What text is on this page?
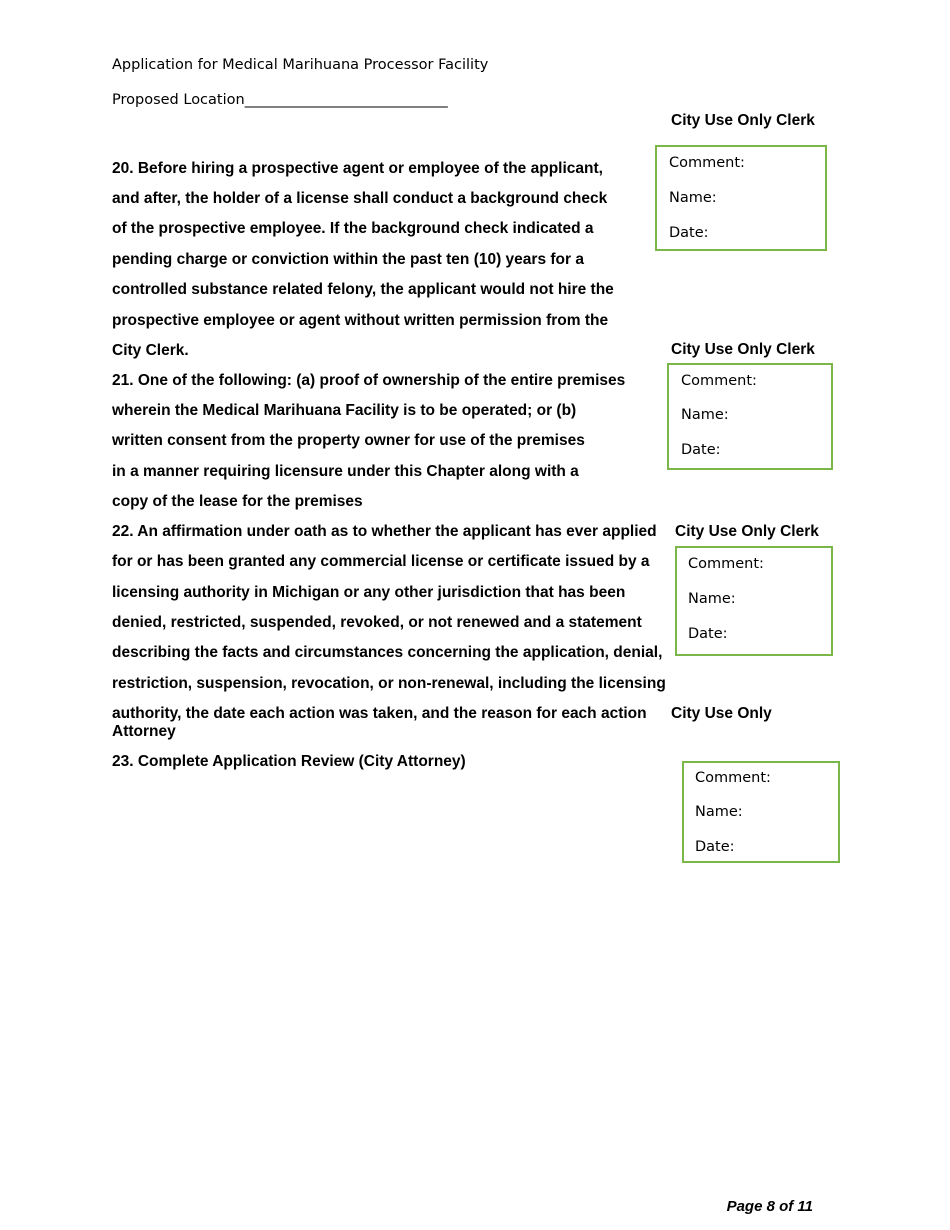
Application for Medical Marihuana Processor Facility
Proposed Location____________________________
20. Before hiring a prospective agent or employee of the applicant,
and after, the holder of a license shall conduct a background check
of the prospective employee. If the background check indicated a
pending charge or conviction within the past ten (10) years for a
controlled substance related felony, the applicant would not hire the
prospective employee or agent without written permission from the
City Clerk.
21. One of the following: (a) proof of ownership of the entire premises
wherein the Medical Marihuana Facility is to be operated; or (b)
written consent from the property owner for use of the premises
in a manner requiring licensure under this Chapter along with a
copy of the lease for the premises
22. An affirmation under oath as to whether the applicant has ever applied
for or has been granted any commercial license or certificate issued by a
licensing authority in Michigan or any other jurisdiction that has been
denied, restricted, suspended, revoked, or not renewed and a statement
describing the facts and circumstances concerning the application, denial,
restriction, suspension, revocation, or non-renewal, including the licensing
authority, the date each action was taken, and the reason for each action
Attorney
23. Complete Application Review (City Attorney)
City Use Only Clerk
Comment:
Name:
Date:
City Use Only Clerk
Comment:
Name:
Date:
City Use Only Clerk
Comment:
Name:
Date:
City Use Only
Comment:
Name:
Date:
Page 8 of 11
